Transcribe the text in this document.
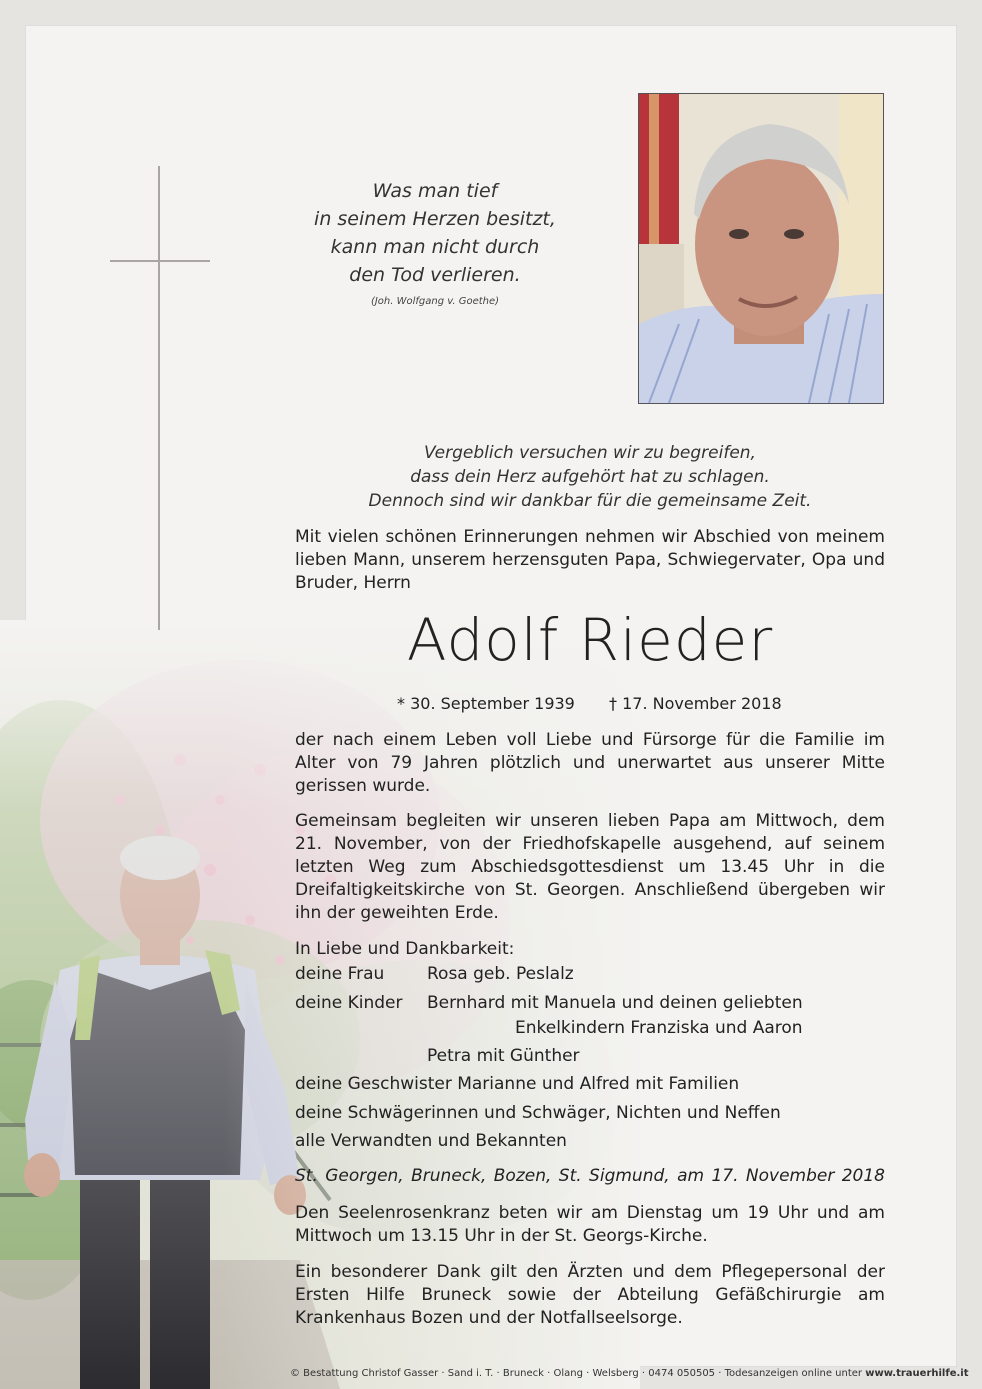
Was man tief
in seinem Herzen besitzt,
kann man nicht durch
den Tod verlieren.
(Joh. Wolfgang v. Goethe)
Vergeblich versuchen wir zu begreifen,
dass dein Herz aufgehört hat zu schlagen.
Dennoch sind wir dankbar für die gemeinsame Zeit.
Mit vielen schönen Erinnerungen nehmen wir Abschied von meinem lieben Mann, unserem herzensguten Papa, Schwiegervater, Opa und Bruder, Herrn
Adolf Rieder
* 30. September 1939 † 17. November 2018
der nach einem Leben voll Liebe und Fürsorge für die Familie im Alter von 79 Jahren plötzlich und unerwartet aus unserer Mitte gerissen wurde.
Gemeinsam begleiten wir unseren lieben Papa am Mittwoch, dem 21. November, von der Friedhofskapelle ausgehend, auf seinem letzten Weg zum Abschiedsgottesdienst um 13.45 Uhr in die Dreifaltigkeitskirche von St. Georgen. Anschließend übergeben wir ihn der geweihten Erde.
In Liebe und Dankbarkeit:
deine Frau	Rosa geb. Peslalz
deine Kinder Bernhard mit Manuela und deinen geliebten
Enkelkindern Franziska und Aaron
Petra mit Günther
deine Geschwister Marianne und Alfred mit Familien
deine Schwägerinnen und Schwäger, Nichten und Neffen
alle Verwandten und Bekannten
St. Georgen, Bruneck, Bozen, St. Sigmund, am 17. November 2018
Den Seelenrosenkranz beten wir am Dienstag um 19 Uhr und am Mittwoch um 13.15 Uhr in der St. Georgs-Kirche.
Ein besonderer Dank gilt den Ärzten und dem Pflegepersonal der Ersten Hilfe Bruneck sowie der Abteilung Gefäßchirurgie am Krankenhaus Bozen und der Notfallseelsorge.
© Bestattung Christof Gasser · Sand i. T. · Bruneck · Olang · Welsberg · 0474 050505 · Todesanzeigen online unter www.trauerhilfe.it
